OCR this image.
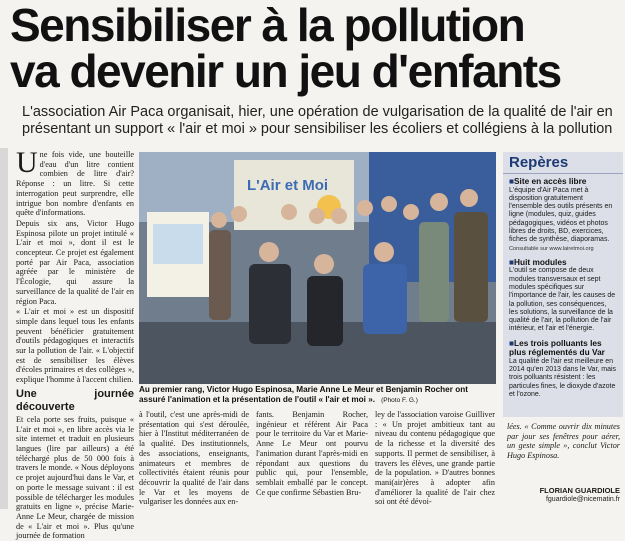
Sensibiliser à la pollution
va devenir un jeu d'enfants
L'association Air Paca organisait, hier, une opération de vulgarisation de la qualité de l'air en présentant un support « l'air et moi » pour sensibiliser les écoliers et collégiens à la pollution

Une fois vide, une bouteille d'eau d'un litre contient combien de litre d'air? Réponse : un litre. Si cette interrogation peut surprendre, elle intrigue bon nombre d'enfants en quête d'informations.

Depuis six ans, Victor Hugo Espinosa pilote un projet intitulé « L'air et moi », dont il est le concepteur. Ce projet est également porté par Air Paca, association agréée par le ministère de l'Écologie, qui assure la surveillance de la qualité de l'air en région Paca.

« L'air et moi » est un dispositif simple dans lequel tous les enfants peuvent bénéficier gratuitement d'outils pédagogiques et interactifs sur la pollution de l'air. « L'objectif est de sensibiliser les élèves d'écoles primaires et des collèges », explique l'homme à l'accent chilien.

Une journée découverte

Et cela porte ses fruits, puisque « L'air et moi », en libre accès via le site internet et traduit en plusieurs langues (lire par ailleurs) a été téléchargé plus de 50 000 fois à travers le monde. « Nous déployons ce projet aujourd'hui dans le Var, et on porte le message suivant : il est possible de télécharger les modules gratuits en ligne », précise Marie-Anne Le Meur, chargée de mission de « L'air et moi ». Plus qu'une journée de formation

L'Air et Moi
Au premier rang, Victor Hugo Espinosa, Marie Anne Le Meur et Benjamin Rocher ont assuré l'animation et la présentation de l'outil « l'air et moi ». (Photo F. G.)
à l'outil, c'est une après-midi de présentation qui s'est déroulée, hier à l'Institut méditerranéen de la qualité. Des institutionnels, des associations, enseignants, animateurs et membres de collectivités étaient réunis pour découvrir la qualité de l'air dans le Var et les moyens de vulgariser les données aux en-
fants. Benjamin Rocher, ingénieur et référent Air Paca pour le territoire du Var et Marie-Anne Le Meur ont pourvu l'animation durant l'après-midi en répondant aux questions du public qui, pour l'ensemble, semblait emballé par le concept. Ce que confirme Sébastien Bru-
ley de l'association varoise Guilliver : « Un projet ambitieux tant au niveau du contenu pédagogique que de la richesse et la diversité des supports. Il permet de sensibiliser, à travers les élèves, une grande partie de la population. » D'autres bonnes mani(air)ères à adopter afin d'améliorer la qualité de l'air chez soi ont été dévoi-
lées. « Comme ouvrir dix minutes par jour ses fenêtres pour aérer, un geste simple », conclut Victor Hugo Espinosa.
Repères
■ Site en accès libre
L'équipe d'Air Paca met à disposition gratuitement l'ensemble des outils présents en ligne (modules, quiz, guides pédagogiques, vidéos et photos libres de droits, BD, exercices, fiches de synthèse, diaporamas.
Consultable sur www.lairetmoi.org
■ Huit modules
L'outil se compose de deux modules transversaux et sept modules spécifiques sur l'importance de l'air, les causes de la pollution, ses conséquences, les solutions, la surveillance de la qualité de l'air, la pollution de l'air intérieur, et l'air et l'énergie.
■ Les trois polluants les plus réglementés du Var
La qualité de l'air est meilleure en 2014 qu'en 2013 dans le Var, mais trois polluants résistent : les particules fines, le dioxyde d'azote et l'ozone.
FLORIAN GUARDIOLE
fguardiole@nicematin.fr
